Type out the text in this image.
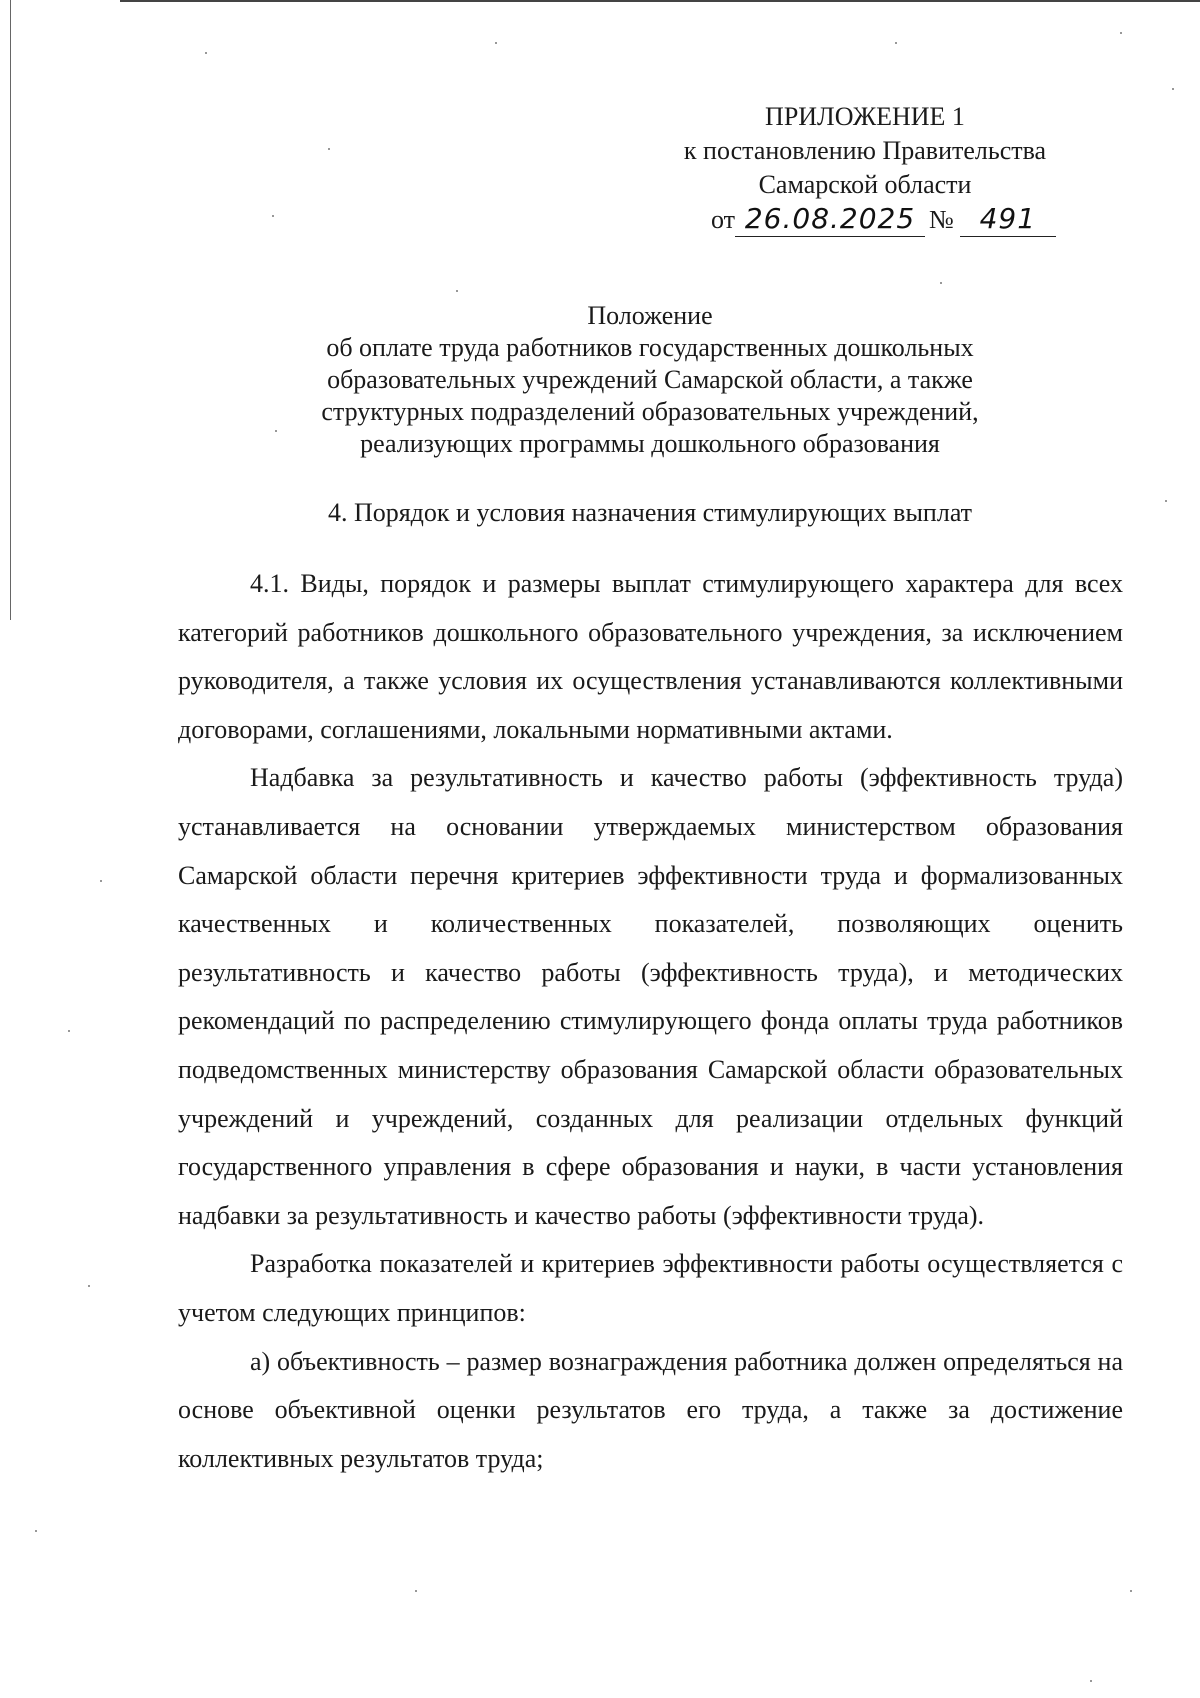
ПРИЛОЖЕНИЕ 1
к постановлению Правительства
Самарской области
от 26.08.2025 № 491
Положение
об оплате труда работников государственных дошкольных
образовательных учреждений Самарской области, а также
структурных подразделений образовательных учреждений,
реализующих программы дошкольного образования
4. Порядок и условия назначения стимулирующих выплат

4.1. Виды, порядок и размеры выплат стимулирующего характера для всех категорий работников дошкольного образовательного учреждения, за исключением руководителя, а также условия их осуществления устанавливаются коллективными договорами, соглашениями, локальными нормативными актами.

Надбавка за результативность и качество работы (эффективность труда) устанавливается на основании утверждаемых министерством образования Самарской области перечня критериев эффективности труда и формализованных качественных и количественных показателей, позволяющих оценить результативность и качество работы (эффективность труда), и методических рекомендаций по распределению стимулирующего фонда оплаты труда работников подведомственных министерству образования Самарской области образовательных учреждений и учреждений, созданных для реализации отдельных функций государственного управления в сфере образования и науки, в части установления надбавки за результативность и качество работы (эффективности труда).

Разработка показателей и критериев эффективности работы осуществляется с учетом следующих принципов:

а) объективность – размер вознаграждения работника должен определяться на основе объективной оценки результатов его труда, а также за достижение коллективных результатов труда;
